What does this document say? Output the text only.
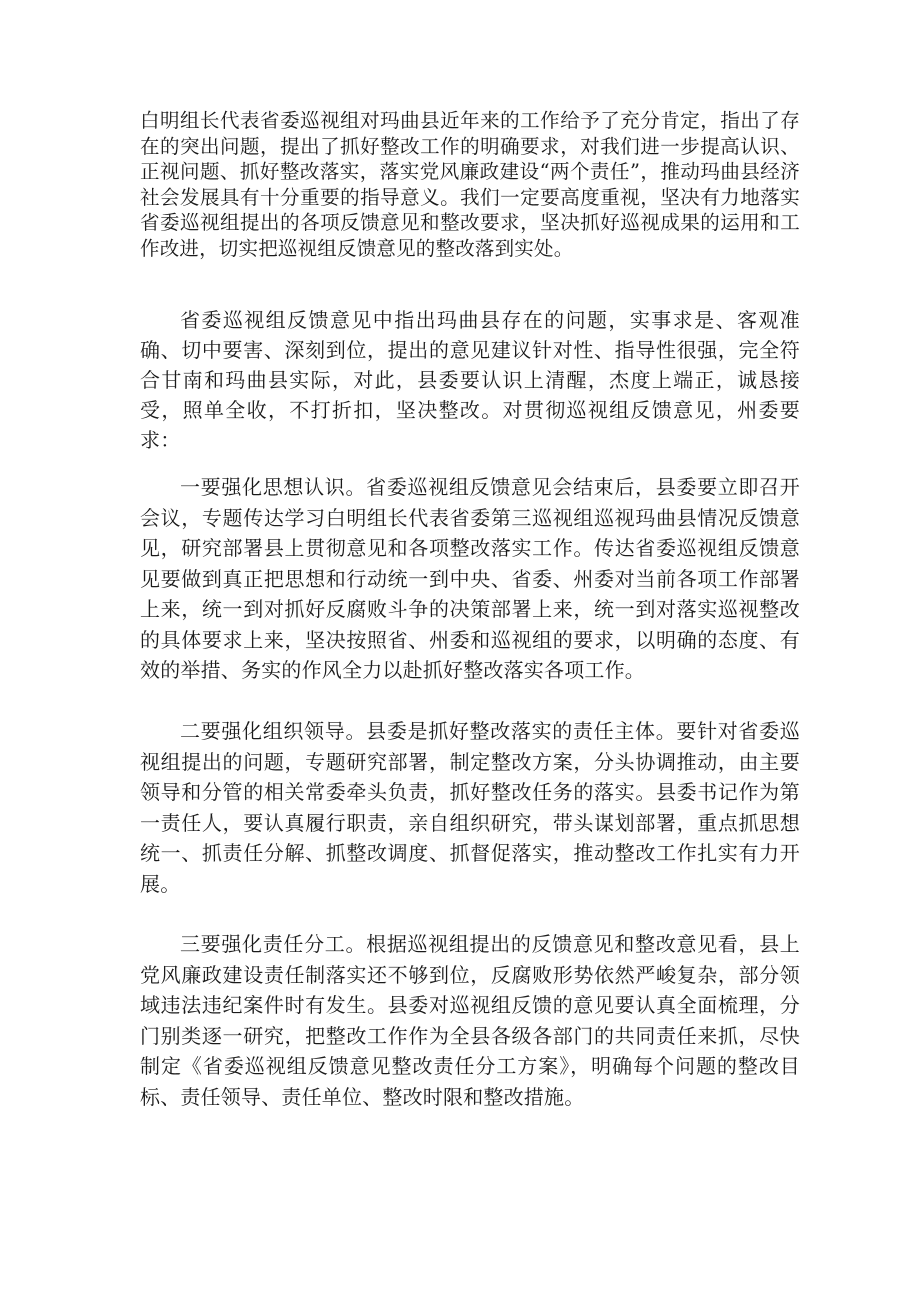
白明组长代表省委巡视组对玛曲县近年来的工作给予了充分肯定，指出了存在的突出问题，提出了抓好整改工作的明确要求，对我们进一步提高认识、正视问题、抓好整改落实，落实党风廉政建设“两个责任”，推动玛曲县经济社会发展具有十分重要的指导意义。我们一定要高度重视，坚决有力地落实省委巡视组提出的各项反馈意见和整改要求，坚决抓好巡视成果的运用和工作改进，切实把巡视组反馈意见的整改落到实处。

省委巡视组反馈意见中指出玛曲县存在的问题，实事求是、客观准确、切中要害、深刻到位，提出的意见建议针对性、指导性很强，完全符合甘南和玛曲县实际，对此，县委要认识上清醒，杰度上端正，诚恳接受，照单全收，不打折扣，坚决整改。对贯彻巡视组反馈意见，州委要求：

一要强化思想认识。省委巡视组反馈意见会结束后，县委要立即召开会议，专题传达学习白明组长代表省委第三巡视组巡视玛曲县情况反馈意见，研究部署县上贯彻意见和各项整改落实工作。传达省委巡视组反馈意见要做到真正把思想和行动统一到中央、省委、州委对当前各项工作部署上来，统一到对抓好反腐败斗争的决策部署上来，统一到对落实巡视整改的具体要求上来，坚决按照省、州委和巡视组的要求，以明确的态度、有效的举措、务实的作风全力以赴抓好整改落实各项工作。

二要强化组织领导。县委是抓好整改落实的责任主体。要针对省委巡视组提出的问题，专题研究部署，制定整改方案，分头协调推动，由主要领导和分管的相关常委牵头负责，抓好整改任务的落实。县委书记作为第一责任人，要认真履行职责，亲自组织研究，带头谋划部署，重点抓思想统一、抓责任分解、抓整改调度、抓督促落实，推动整改工作扎实有力开展。

三要强化责任分工。根据巡视组提出的反馈意见和整改意见看，县上党风廉政建设责任制落实还不够到位，反腐败形势依然严峻复杂，部分领域违法违纪案件时有发生。县委对巡视组反馈的意见要认真全面梳理，分门别类逐一研究，把整改工作作为全县各级各部门的共同责任来抓，尽快制定《省委巡视组反馈意见整改责任分工方案》，明确每个问题的整改目标、责任领导、责任单位、整改时限和整改措施。
